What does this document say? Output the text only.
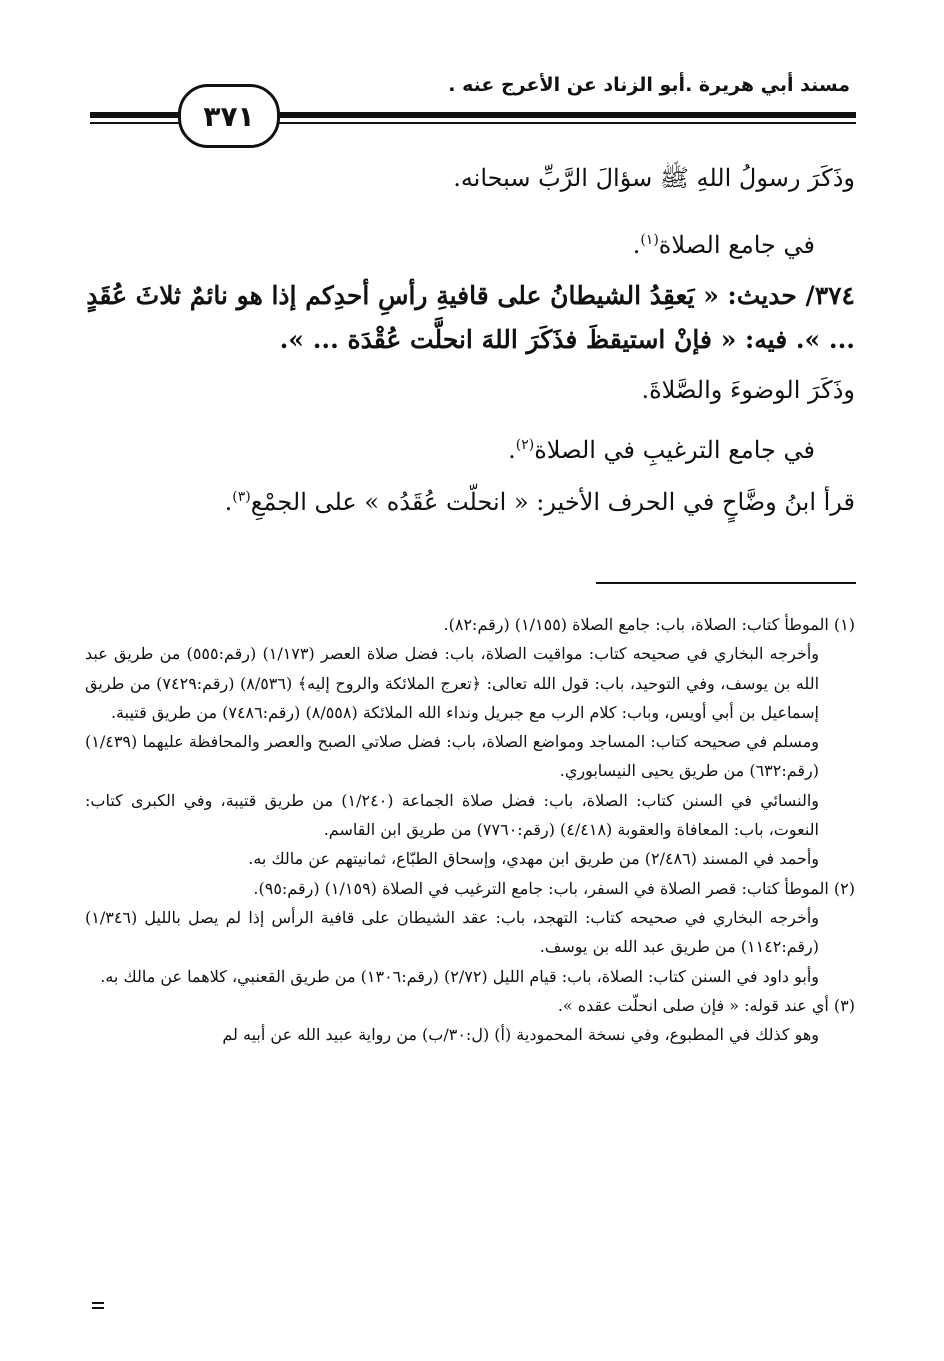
مسند أبي هريرة .أبو الزناد عن الأعرج عنه .
٣٧١

وذَكَرَ رسولُ اللهِ ﷺ سؤالَ الرَّبِّ سبحانه.

في جامع الصلاة$^{(١)}$.

٣٧٤/ حديث: « يَعقِدُ الشيطانُ على قافيةِ رأسِ أحدِكم إذا هو نائمٌ ثلاثَ عُقَدٍ ... ». فيه: « فإنْ استيقظَ فذَكَرَ اللهَ انحلَّت عُقْدَة ... ».

وذَكَرَ الوضوءَ والصَّلاةَ.

في جامع الترغيبِ في الصلاة$^{(٢)}$.

قرأ ابنُ وضَّاحٍ في الحرف الأخير: « انحلّت عُقَدُه » على الجمْعِ$^{(٣)}$.

(١) الموطأ كتاب: الصلاة، باب: جامع الصلاة (١/١٥٥) (رقم:٨٢).

وأخرجه البخاري في صحيحه كتاب: مواقيت الصلاة، باب: فضل صلاة العصر (١/١٧٣) (رقم:٥٥٥) من طريق عبد الله بن يوسف، وفي التوحيد، باب: قول الله تعالى: ﴿تعرج الملائكة والروح إليه﴾ (٨/٥٣٦) (رقم:٧٤٢٩) من طريق إسماعيل بن أبي أويس، وباب: كلام الرب مع جبريل ونداء الله الملائكة (٨/٥٥٨) (رقم:٧٤٨٦) من طريق قتيبة.

ومسلم في صحيحه كتاب: المساجد ومواضع الصلاة، باب: فضل صلاتي الصبح والعصر والمحافظة عليهما (١/٤٣٩) (رقم:٦٣٢) من طريق يحيى النيسابوري.

والنسائي في السنن كتاب: الصلاة، باب: فضل صلاة الجماعة (١/٢٤٠) من طريق قتيبة، وفي الكبرى كتاب: النعوت، باب: المعافاة والعقوبة (٤/٤١٨) (رقم:٧٧٦٠) من طريق ابن القاسم.

وأحمد في المسند (٢/٤٨٦) من طريق ابن مهدي، وإسحاق الطبّاع، ثمانيتهم عن مالك به.

(٢) الموطأ كتاب: قصر الصلاة في السفر، باب: جامع الترغيب في الصلاة (١/١٥٩) (رقم:٩٥).

وأخرجه البخاري في صحيحه كتاب: التهجد، باب: عقد الشيطان على قافية الرأس إذا لم يصل بالليل (١/٣٤٦) (رقم:١١٤٢) من طريق عبد الله بن يوسف.

وأبو داود في السنن كتاب: الصلاة، باب: قيام الليل (٢/٧٢) (رقم:١٣٠٦) من طريق القعنبي، كلاهما عن مالك به.

(٣) أي عند قوله: « فإن صلى انحلّت عقده ».

وهو كذلك في المطبوع، وفي نسخة المحمودية (أ) (ل:٣٠/ب) من رواية عبيد الله عن أبيه لم
